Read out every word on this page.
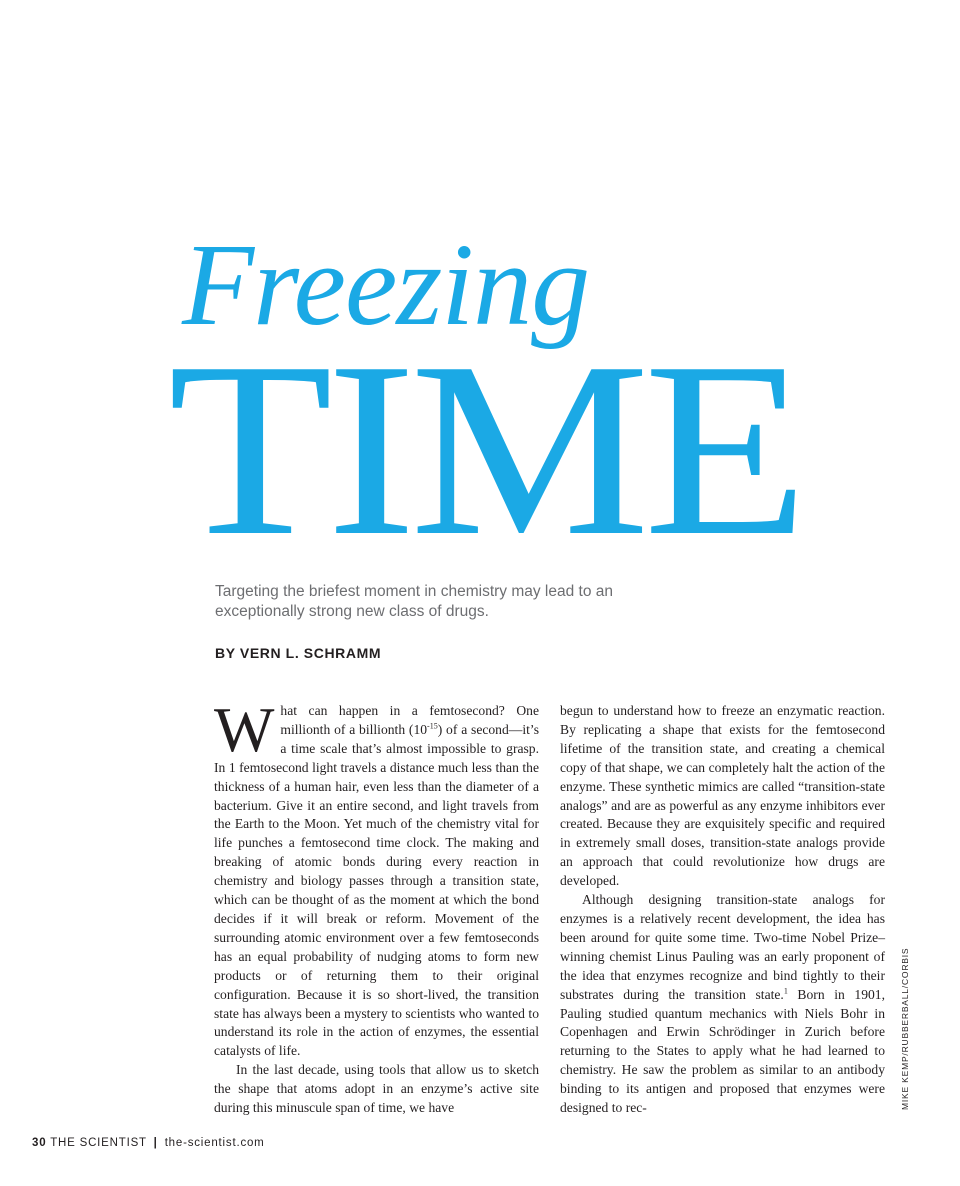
Freezing
TIME

Targeting the briefest moment in chemistry may lead to an exceptionally strong new class of drugs.

BY VERN L. SCHRAMM

What can happen in a femtosecond? One millionth of a billionth $(10^{-15})$ of a second—it’s a time scale that’s almost impossible to grasp. In 1 femtosecond light travels a distance much less than the thickness of a human hair, even less than the diameter of a bacterium. Give it an entire second, and light travels from the Earth to the Moon. Yet much of the chemistry vital for life punches a femtosecond time clock. The making and breaking of atomic bonds during every reaction in chemistry and biology passes through a transition state, which can be thought of as the moment at which the bond decides if it will break or reform. Movement of the surrounding atomic environment over a few femtoseconds has an equal probability of nudging atoms to form new products or of returning them to their original configuration. Because it is so short-lived, the transition state has always been a mystery to scientists who wanted to understand its role in the action of enzymes, the essential catalysts of life.

In the last decade, using tools that allow us to sketch the shape that atoms adopt in an enzyme’s active site during this minuscule span of time, we have

begun to understand how to freeze an enzymatic reaction. By replicating a shape that exists for the femtosecond lifetime of the transition state, and creating a chemical copy of that shape, we can completely halt the action of the enzyme. These synthetic mimics are called “transition-state analogs” and are as powerful as any enzyme inhibitors ever created. Because they are exquisitely specific and required in extremely small doses, transition-state analogs provide an approach that could revolutionize how drugs are developed.

Although designing transition-state analogs for enzymes is a relatively recent development, the idea has been around for quite some time. Two-time Nobel Prize–winning chemist Linus Pauling was an early proponent of the idea that enzymes recognize and bind tightly to their substrates during the transition state.$^1$ Born in 1901, Pauling studied quantum mechanics with Niels Bohr in Copenhagen and Erwin Schrödinger in Zurich before returning to the States to apply what he had learned to chemistry. He saw the problem as similar to an antibody binding to its antigen and proposed that enzymes were designed to rec-	MIKE KEMP/RUBBERBALL/CORBIS
30 THE SCIENTIST | the-scientist.com
